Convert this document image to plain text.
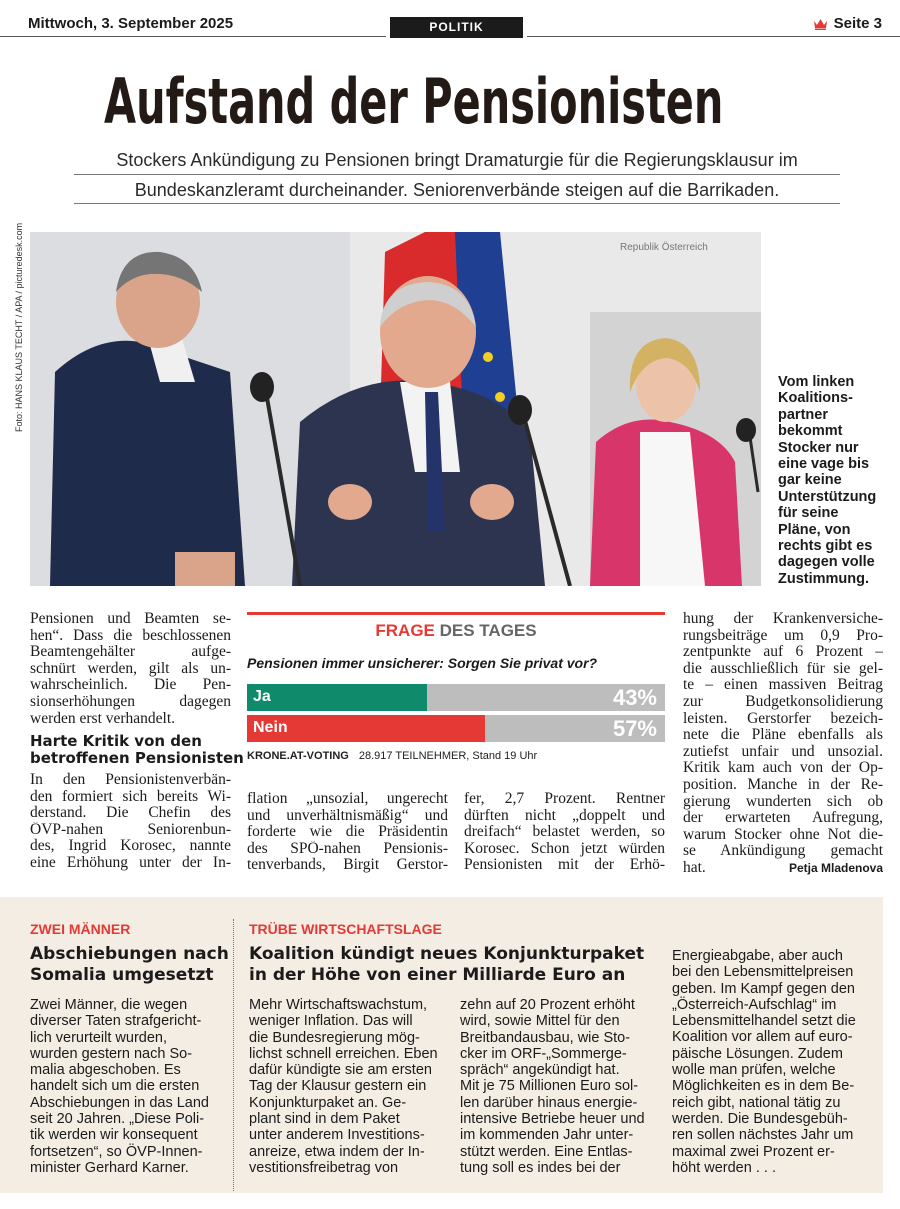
Mittwoch, 3. September 2025	POLITIK	Seite 3
Aufstand der Pensionisten
Stockers Ankündigung zu Pensionen bringt Dramaturgie für die Regierungsklausur im
Bundeskanzleramt durcheinander. Seniorenverbände steigen auf die Barrikaden.
Foto: HANS KLAUS TECHT / APA / picturedesk.com	Republik Österreich
Vom linken
Koalitions-
partner
bekommt
Stocker nur
eine vage bis
gar keine
Unterstützung
für seine
Pläne, von
rechts gibt es
dagegen volle
Zustimmung.
Pensionen und Beamten se-
hen“. Dass die beschlossenen
Beamtengehälter aufge-
schnürt werden, gilt als un-
wahrscheinlich. Die Pen-
sionserhöhungen dagegen
werden erst verhandelt.
Harte Kritik von den
betroffenen Pensionisten
In den Pensionistenverbän-
den formiert sich bereits Wi-
derstand. Die Chefin des
ÖVP-nahen Seniorenbun-
des, Ingrid Korosec, nannte
eine Erhöhung unter der In-
FRAGE DES TAGES
Pensionen immer unsicherer: Sorgen Sie privat vor?
Ja	43%
Nein	57%
KRONE.AT-VOTING 28.917 TEILNEHMER, Stand 19 Uhr
flation „unsozial, ungerecht
und unverhältnismäßig“ und
forderte wie die Präsidentin
des SPÖ-nahen Pensionis-
tenverbands, Birgit Gerstor-
fer, 2,7 Prozent. Rentner
dürften nicht „doppelt und
dreifach“ belastet werden, so
Korosec. Schon jetzt würden
Pensionisten mit der Erhö-
hung der Krankenversiche-
rungsbeiträge um 0,9 Pro-
zentpunkte auf 6 Prozent –
die ausschließlich für sie gel-
te – einen massiven Beitrag
zur Budgetkonsolidierung
leisten. Gerstorfer bezeich-
nete die Pläne ebenfalls als
zutiefst unfair und unsozial.
Kritik kam auch von der Op-
position. Manche in der Re-
gierung wunderten sich ob
der erwarteten Aufregung,
warum Stocker ohne Not die-
se Ankündigung gemacht
hat.	Petja Mladenova
ZWEI MÄNNER
Abschiebungen nach
Somalia umgesetzt
Zwei Männer, die wegen
diverser Taten strafgericht-
lich verurteilt wurden,
wurden gestern nach So-
malia abgeschoben. Es
handelt sich um die ersten
Abschiebungen in das Land
seit 20 Jahren. „Diese Poli-
tik werden wir konsequent
fortsetzen“, so ÖVP-Innen-
minister Gerhard Karner.
TRÜBE WIRTSCHAFTSLAGE
Koalition kündigt neues Konjunkturpaket
in der Höhe von einer Milliarde Euro an
Mehr Wirtschaftswachstum,
weniger Inflation. Das will
die Bundesregierung mög-
lichst schnell erreichen. Eben
dafür kündigte sie am ersten
Tag der Klausur gestern ein
Konjunkturpaket an. Ge-
plant sind in dem Paket
unter anderem Investitions-
anreize, etwa indem der In-
vestitionsfreibetrag von
zehn auf 20 Prozent erhöht
wird, sowie Mittel für den
Breitbandausbau, wie Sto-
cker im ORF-„Sommerge-
spräch“ angekündigt hat.
Mit je 75 Millionen Euro sol-
len darüber hinaus energie-
intensive Betriebe heuer und
im kommenden Jahr unter-
stützt werden. Eine Entlas-
tung soll es indes bei der
Energieabgabe, aber auch
bei den Lebensmittelpreisen
geben. Im Kampf gegen den
„Österreich-Aufschlag“ im
Lebensmittelhandel setzt die
Koalition vor allem auf euro-
päische Lösungen. Zudem
wolle man prüfen, welche
Möglichkeiten es in dem Be-
reich gibt, national tätig zu
werden. Die Bundesgebüh-
ren sollen nächstes Jahr um
maximal zwei Prozent er-
höht werden . . .
